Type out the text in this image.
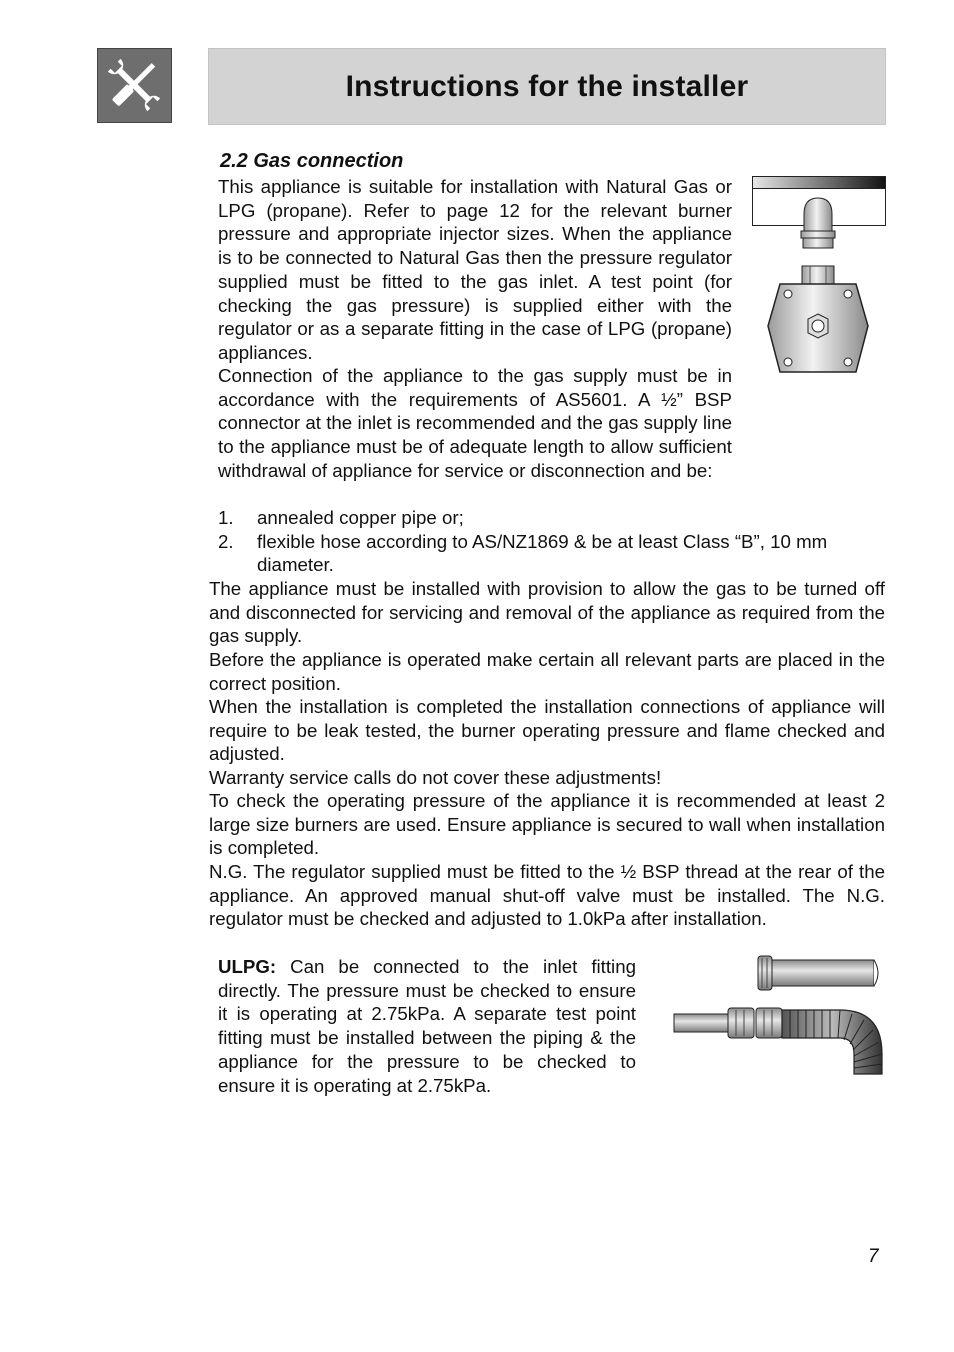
Instructions for the installer
2.2 Gas connection

This appliance is suitable for installation with Natural Gas or LPG (propane). Refer to page 12 for the relevant burner pressure and appropriate injector sizes. When the appliance is to be connected to Natural Gas then the pressure regulator supplied must be fitted to the gas inlet. A test point (for checking the gas pressure) is supplied either with the regulator or as a separate fitting in the case of LPG (propane) appliances.

Connection of the appliance to the gas supply must be in accordance with the requirements of AS5601. A ½” BSP connector at the inlet is recommended and the gas supply line to the appliance must be of adequate length to allow sufficient withdrawal of appliance for service or disconnection and be:

1.	annealed copper pipe or;
2.	flexible hose according to AS/NZ1869 & be at least Class “B”, 10 mm diameter.

The appliance must be installed with provision to allow the gas to be turned off and disconnected for servicing and removal of the appliance as required from the gas supply.

Before the appliance is operated make certain all relevant parts are placed in the correct position.

When the installation is completed the installation connections of appliance will require to be leak tested, the burner operating pressure and flame checked and adjusted.

Warranty service calls do not cover these adjustments!

To check the operating pressure of the appliance it is recommended at least 2 large size burners are used. Ensure appliance is secured to wall when installation is completed.

N.G. The regulator supplied must be fitted to the ½ BSP thread at the rear of the appliance. An approved manual shut-off valve must be installed. The N.G. regulator must be checked and adjusted to 1.0kPa after installation.

ULPG: Can be connected to the inlet fitting directly. The pressure must be checked to ensure it is operating at 2.75kPa. A separate test point fitting must be installed between the piping & the appliance for the pressure to be checked to ensure it is operating at 2.75kPa.

7
